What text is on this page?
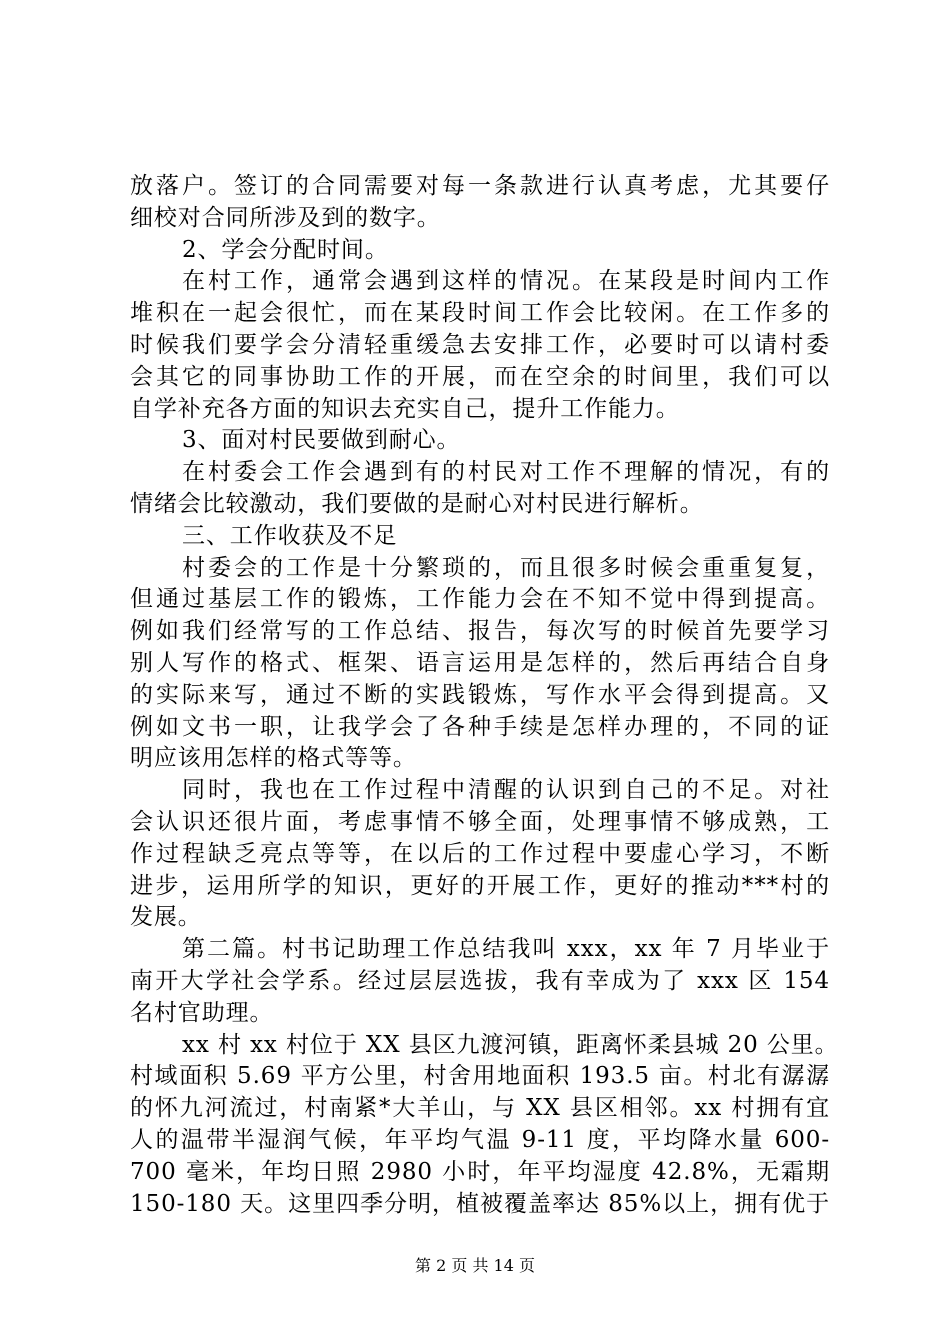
放落户。签订的合同需要对每一条款进行认真考虑，尤其要仔
细校对合同所涉及到的数字。
2、学会分配时间。
在村工作，通常会遇到这样的情况。在某段是时间内工作
堆积在一起会很忙，而在某段时间工作会比较闲。在工作多的
时候我们要学会分清轻重缓急去安排工作，必要时可以请村委
会其它的同事协助工作的开展，而在空余的时间里，我们可以
自学补充各方面的知识去充实自己，提升工作能力。
3、面对村民要做到耐心。
在村委会工作会遇到有的村民对工作不理解的情况，有的
情绪会比较激动，我们要做的是耐心对村民进行解析。
三、工作收获及不足
村委会的工作是十分繁琐的，而且很多时候会重重复复，
但通过基层工作的锻炼，工作能力会在不知不觉中得到提高。
例如我们经常写的工作总结、报告，每次写的时候首先要学习
别人写作的格式、框架、语言运用是怎样的，然后再结合自身
的实际来写，通过不断的实践锻炼，写作水平会得到提高。又
例如文书一职，让我学会了各种手续是怎样办理的，不同的证
明应该用怎样的格式等等。
同时，我也在工作过程中清醒的认识到自己的不足。对社
会认识还很片面，考虑事情不够全面，处理事情不够成熟，工
作过程缺乏亮点等等，在以后的工作过程中要虚心学习，不断
进步，运用所学的知识，更好的开展工作，更好的推动***村的
发展。
第二篇。村书记助理工作总结我叫 xxx，xx 年 7 月毕业于
南开大学社会学系。经过层层选拔，我有幸成为了 xxx 区 154
名村官助理。
xx 村 xx 村位于 XX 县区九渡河镇，距离怀柔县城 20 公里。
村域面积 5.69 平方公里，村舍用地面积 193.5 亩。村北有潺潺
的怀九河流过，村南紧*大羊山，与 XX 县区相邻。xx 村拥有宜
人的温带半湿润气候，年平均气温 9-11 度，平均降水量 600-
700 毫米，年均日照 2980 小时，年平均湿度 42.8%，无霜期
150-180 天。这里四季分明，植被覆盖率达 85%以上，拥有优于
第 2 页 共 14 页
